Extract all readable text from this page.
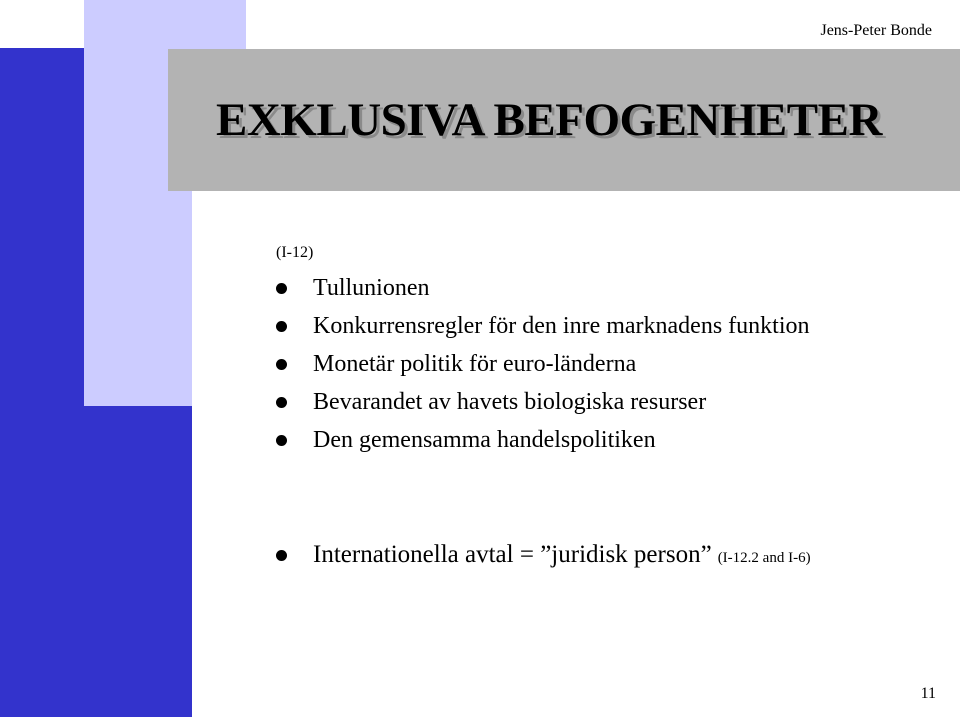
Jens-Peter Bonde
EXKLUSIVA BEFOGENHETER
(I-12)
Tullunionen
Konkurrensregler för den inre marknadens funktion
Monetär politik för euro-länderna
Bevarandet av havets biologiska resurser
Den gemensamma handelspolitiken
Internationella avtal = ”juridisk person” (I-12.2 and I-6)
11
